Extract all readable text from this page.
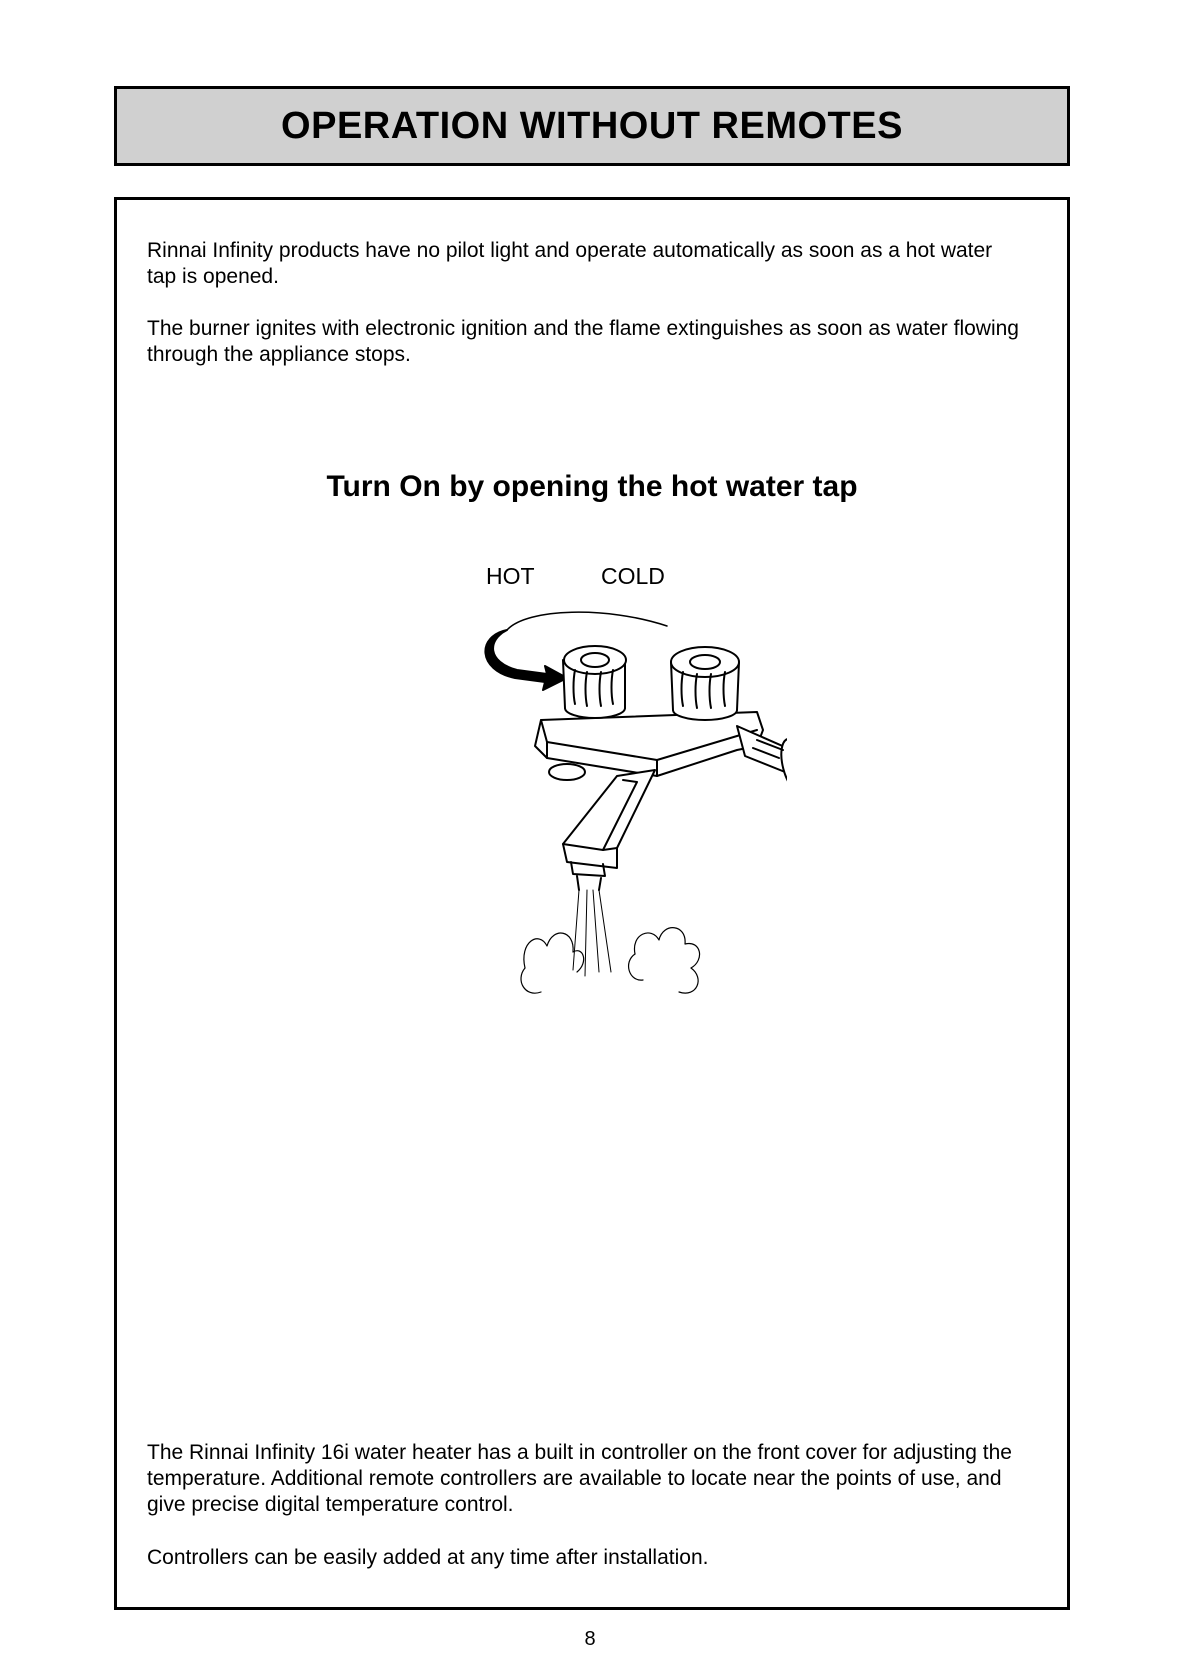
OPERATION WITHOUT REMOTES

Rinnai Infinity products have no pilot light and operate automatically as soon as a hot water tap is opened.

The burner ignites with electronic ignition and the flame extinguishes as soon as water flowing through the appliance stops.

Turn On by opening the hot water tap
HOT	COLD

The Rinnai Infinity 16i water heater has a built in controller on the front cover for adjusting the temperature. Additional remote controllers are available to locate near the points of use, and give precise digital temperature control.

Controllers can be easily added at any time after installation.

8
